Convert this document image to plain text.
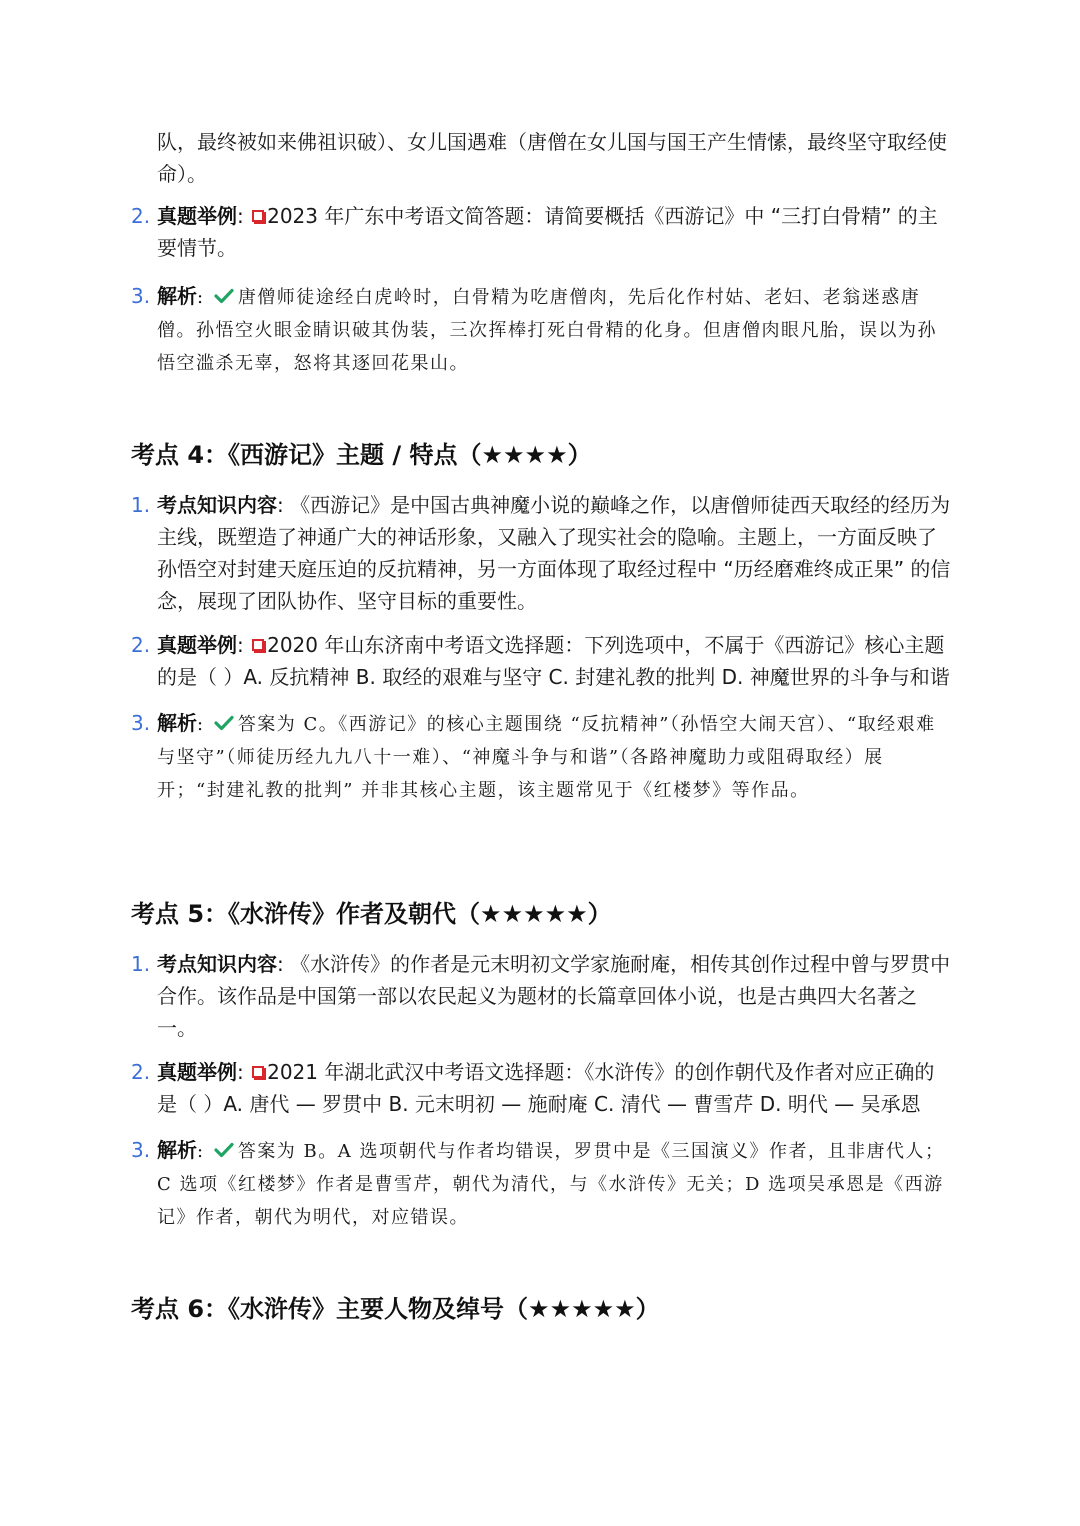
队，最终被如来佛祖识破）、女儿国遇难（唐僧在女儿国与国王产生情愫，最终坚守取经使命）。

2. 真题举例: 2023 年广东中考语文简答题：请简要概括《西游记》中 “三打白骨精” 的主要情节。
3. 解析: 唐僧师徒途经白虎岭时，白骨精为吃唐僧肉，先后化作村姑、老妇、老翁迷惑唐僧。孙悟空火眼金睛识破其伪装，三次挥棒打死白骨精的化身。但唐僧肉眼凡胎，误以为孙悟空滥杀无辜，怒将其逐回花果山。
考点 4：《西游记》主题 / 特点（★★★★）
1. 考点知识内容: 《西游记》是中国古典神魔小说的巅峰之作，以唐僧师徒西天取经的经历为主线，既塑造了神通广大的神话形象，又融入了现实社会的隐喻。主题上，一方面反映了孙悟空对封建天庭压迫的反抗精神，另一方面体现了取经过程中 “历经磨难终成正果” 的信念，展现了团队协作、坚守目标的重要性。
2. 真题举例: 2020 年山东济南中考语文选择题：下列选项中，不属于《西游记》核心主题的是（ ）A. 反抗精神 B. 取经的艰难与坚守 C. 封建礼教的批判 D. 神魔世界的斗争与和谐
3. 解析: 答案为 C。《西游记》的核心主题围绕 “反抗精神”（孙悟空大闹天宫）、“取经艰难与坚守”（师徒历经九九八十一难）、“神魔斗争与和谐”（各路神魔助力或阻碍取经）展开；“封建礼教的批判” 并非其核心主题，该主题常见于《红楼梦》等作品。
考点 5：《水浒传》作者及朝代（★★★★★）
1. 考点知识内容: 《水浒传》的作者是元末明初文学家施耐庵，相传其创作过程中曾与罗贯中合作。该作品是中国第一部以农民起义为题材的长篇章回体小说，也是古典四大名著之一。
2. 真题举例: 2021 年湖北武汉中考语文选择题：《水浒传》的创作朝代及作者对应正确的是（ ）A. 唐代 — 罗贯中 B. 元末明初 — 施耐庵 C. 清代 — 曹雪芹 D. 明代 — 吴承恩
3. 解析: 答案为 B。A 选项朝代与作者均错误，罗贯中是《三国演义》作者，且非唐代人；C 选项《红楼梦》作者是曹雪芹，朝代为清代，与《水浒传》无关；D 选项吴承恩是《西游记》作者，朝代为明代，对应错误。
考点 6：《水浒传》主要人物及绰号（★★★★★）
